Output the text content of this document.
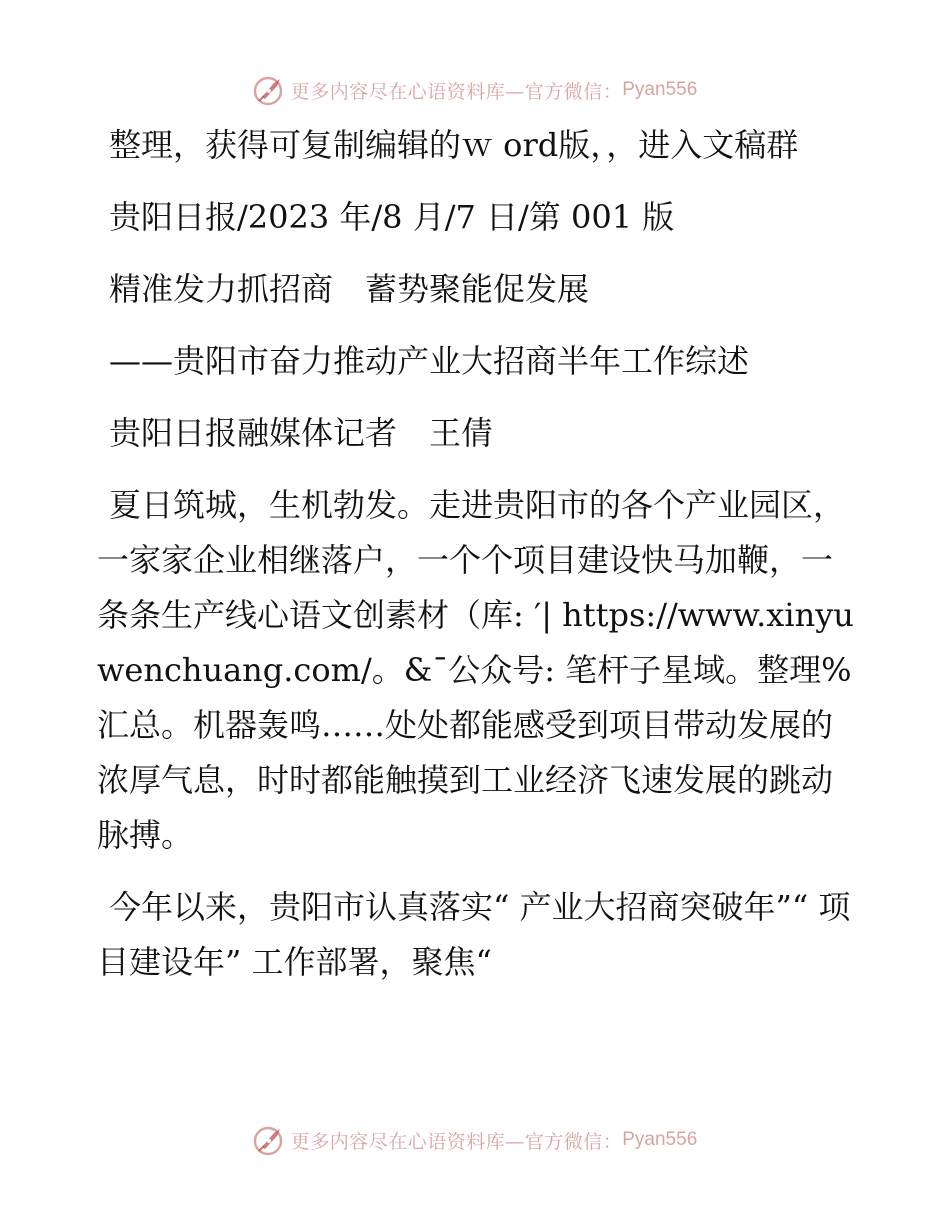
更多内容尽在心语资料库—官方微信： Pyan556

整理，获得可复制编辑的ｗ ord版，，进入文稿群

贵阳日报/2023 年/8 月/7 日/第 001 版

精准发力抓招商　蓄势聚能促发展

——贵阳市奋力推动产业大招商半年工作综述

贵阳日报融媒体记者　王倩

夏日筑城，生机勃发。走进贵阳市的各个产业园区，一家家企业相继落户，一个个项目建设快马加鞭，一条条生产线心语文创素材（库: ′| https://www.xinyuwenchuang.com/。&¯公众号: 笔杆子星域。整理%汇总。机器轰鸣……处处都能感受到项目带动发展的浓厚气息，时时都能触摸到工业经济飞速发展的跳动脉搏。

今年以来，贵阳市认真落实“ 产业大招商突破年”“ 项目建设年” 工作部署，聚焦“

更多内容尽在心语资料库—官方微信： Pyan556
